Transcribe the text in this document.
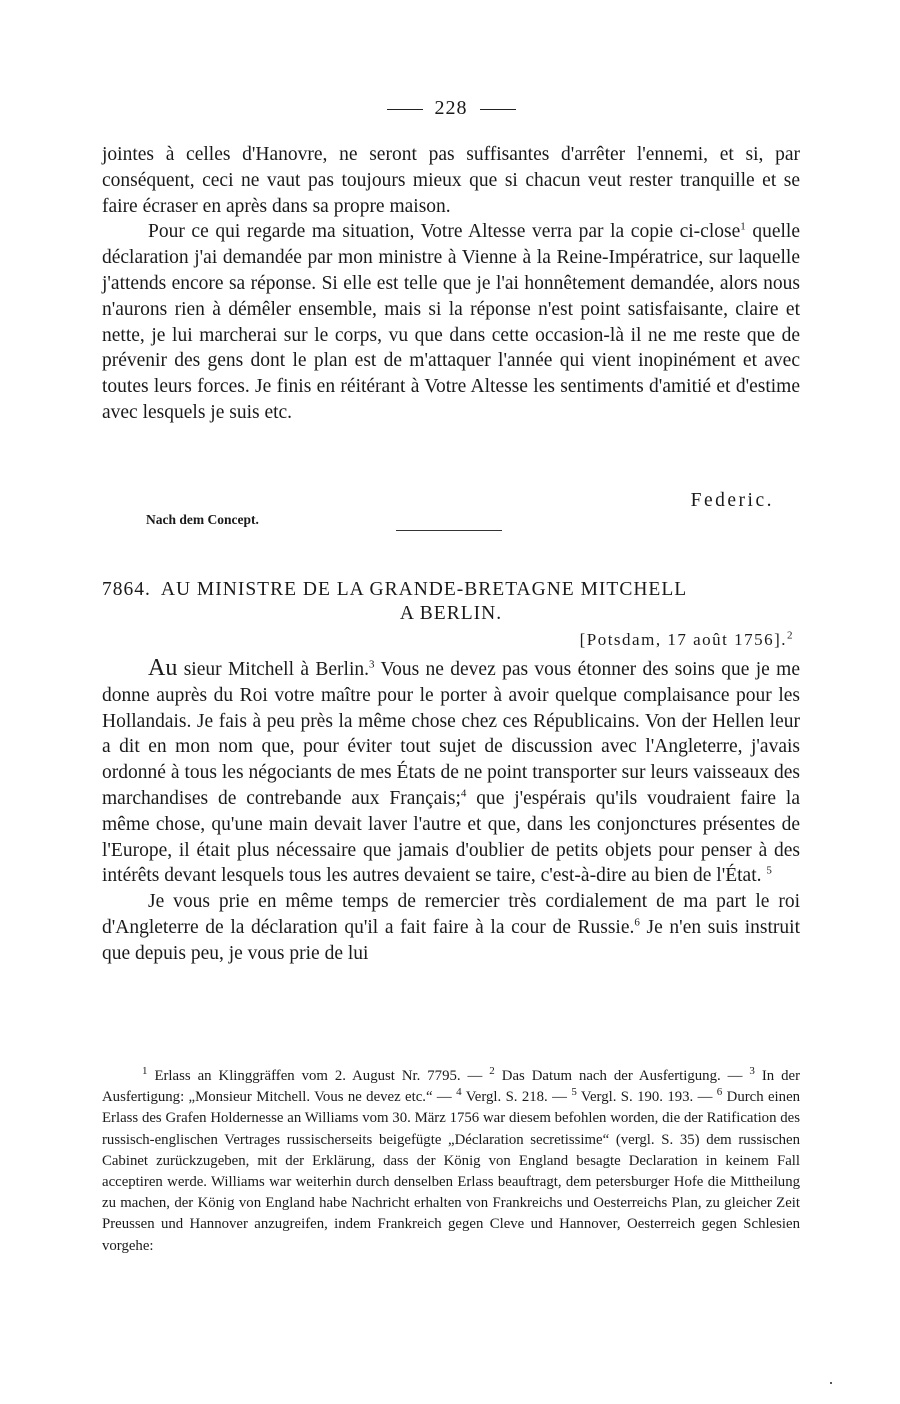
228

jointes à celles d'Hanovre, ne seront pas suffisantes d'arrêter l'ennemi, et si, par conséquent, ceci ne vaut pas toujours mieux que si chacun veut rester tranquille et se faire écraser en après dans sa propre maison.

Pour ce qui regarde ma situation, Votre Altesse verra par la copie ci-close$^1$ quelle déclaration j'ai demandée par mon ministre à Vienne à la Reine-Impératrice, sur laquelle j'attends encore sa réponse. Si elle est telle que je l'ai honnêtement demandée, alors nous n'aurons rien à démêler ensemble, mais si la réponse n'est point satisfaisante, claire et nette, je lui marcherai sur le corps, vu que dans cette occasion-là il ne me reste que de prévenir des gens dont le plan est de m'attaquer l'année qui vient inopinément et avec toutes leurs forces. Je finis en réitérant à Votre Altesse les sentiments d'amitié et d'estime avec lesquels je suis etc.

Federic.
Nach dem Concept.
7864. AU MINISTRE DE LA GRANDE-BRETAGNE MITCHELL
A BERLIN.
[Potsdam, 17 août 1756].$^2$

Au sieur Mitchell à Berlin.$^3$ Vous ne devez pas vous étonner des soins que je me donne auprès du Roi votre maître pour le porter à avoir quelque complaisance pour les Hollandais. Je fais à peu près la même chose chez ces Républicains. Von der Hellen leur a dit en mon nom que, pour éviter tout sujet de discussion avec l'Angleterre, j'avais ordonné à tous les négociants de mes États de ne point transporter sur leurs vaisseaux des marchandises de contrebande aux Français;$^4$ que j'espérais qu'ils voudraient faire la même chose, qu'une main devait laver l'autre et que, dans les conjonctures présentes de l'Europe, il était plus nécessaire que jamais d'oublier de petits objets pour penser à des intérêts devant lesquels tous les autres devaient se taire, c'est-à-dire au bien de l'État. $^5$

Je vous prie en même temps de remercier très cordialement de ma part le roi d'Angleterre de la déclaration qu'il a fait faire à la cour de Russie.$^6$ Je n'en suis instruit que depuis peu, je vous prie de lui

$^1$ Erlass an Klinggräffen vom 2. August Nr. 7795. — $^2$ Das Datum nach der Ausfertigung. — $^3$ In der Ausfertigung: „Monsieur Mitchell. Vous ne devez etc.“ — $^4$ Vergl. S. 218. — $^5$ Vergl. S. 190. 193. — $^6$ Durch einen Erlass des Grafen Holdernesse an Williams vom 30. März 1756 war diesem befohlen worden, die der Ratification des russisch-englischen Vertrages russischerseits beigefügte „Déclaration secretissime“ (vergl. S. 35) dem russischen Cabinet zurückzugeben, mit der Erklärung, dass der König von England besagte Declaration in keinem Fall acceptiren werde. Williams war weiterhin durch denselben Erlass beauftragt, dem petersburger Hofe die Mittheilung zu machen, der König von England habe Nachricht erhalten von Frankreichs und Oesterreichs Plan, zu gleicher Zeit Preussen und Hannover anzugreifen, indem Frankreich gegen Cleve und Hannover, Oesterreich gegen Schlesien vorgehe:
